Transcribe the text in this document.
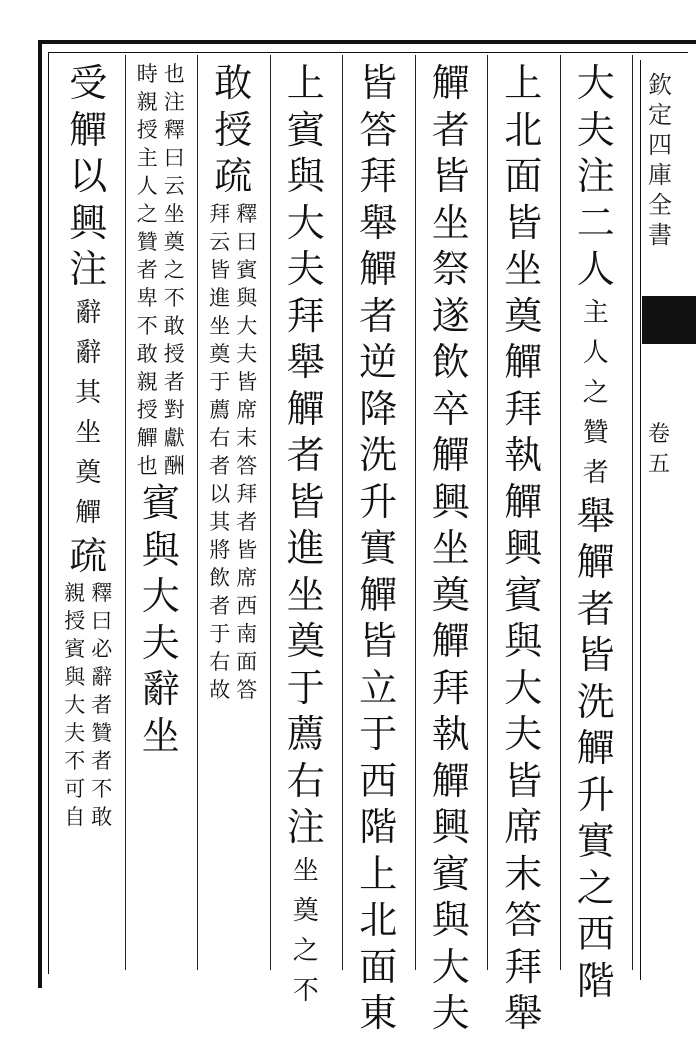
欽
定
四
庫
全
書
卷
五
大
夫
注
二
人
主
人
之
贊
者
舉
觶
者
皆
洗
觶
升
實
之
西
階
上
北
面
皆
坐
奠
觶
拜
執
觶
興
賓
與
大
夫
皆
席
末
答
拜
舉
觶
者
皆
坐
祭
遂
飲
卒
觶
興
坐
奠
觶
拜
執
觶
興
賓
與
大
夫
皆
答
拜
舉
觶
者
逆
降
洗
升
實
觶
皆
立
于
西
階
上
北
面
東
上
賓
與
大
夫
拜
舉
觶
者
皆
進
坐
奠
于
薦
右
注
坐
奠
之
不
敢
授
疏
釋
曰
賓
與
大
夫
皆
席
末
答
拜
者
皆
席
西
南
面
答
拜
云
皆
進
坐
奠
于
薦
右
者
以
其
將
飲
者
于
右
故
也
注
釋
曰
云
坐
奠
之
不
敢
授
者
對
獻
酬
時
親
授
主
人
之
贊
者
卑
不
敢
親
授
觶
也
賓
與
大
夫
辭
坐
受
觶
以
興
注
辭
辭
其
坐
奠
觶
疏
釋
曰
必
辭
者
贊
者
不
敢
親
授
賓
與
大
夫
不
可
自
